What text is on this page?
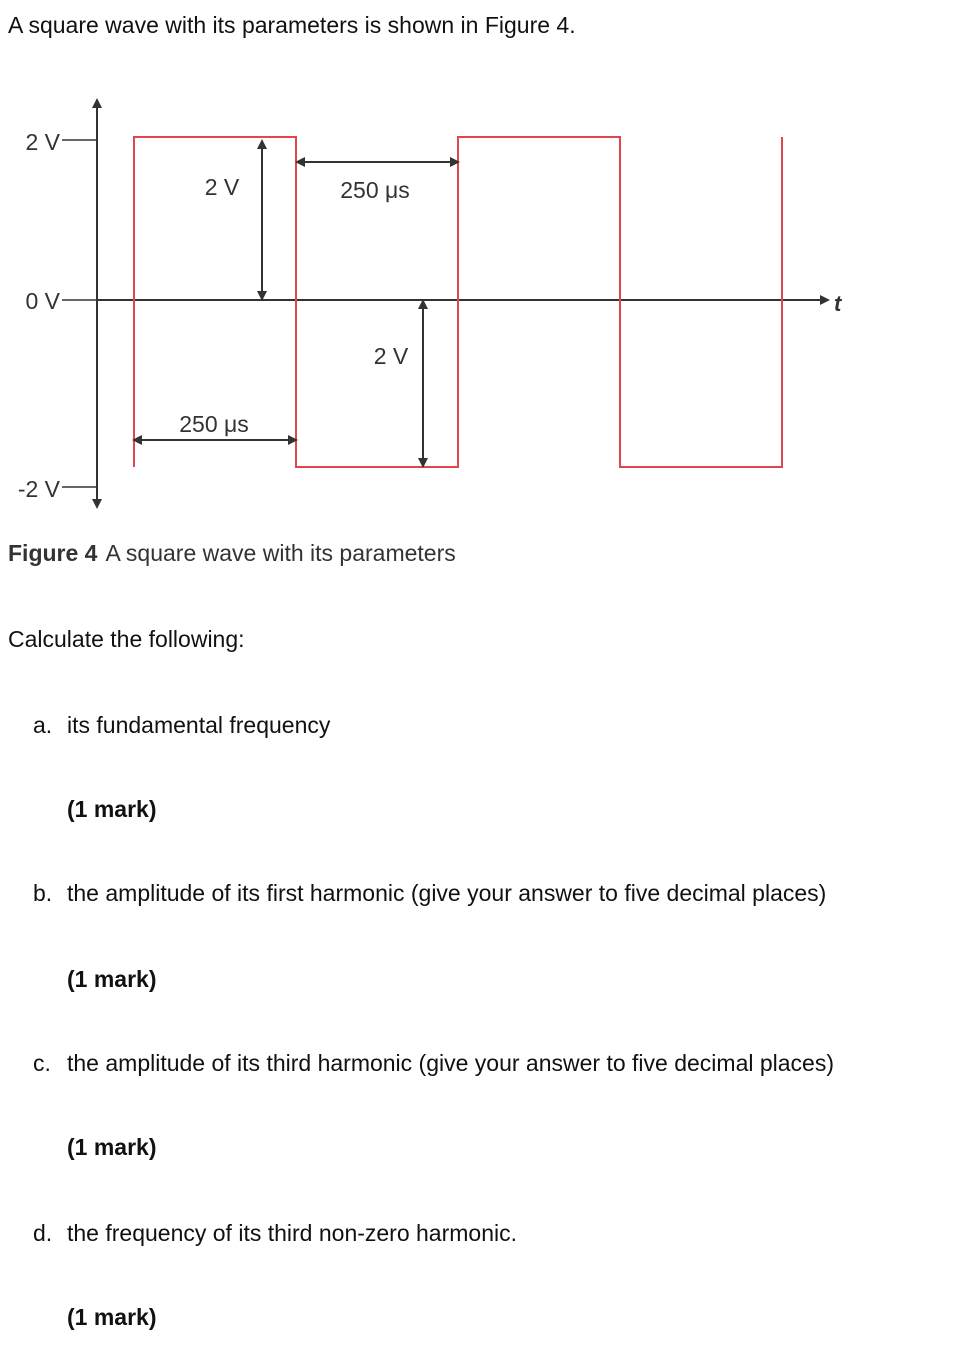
A square wave with its parameters is shown in Figure 4.

2 V
0 V
-2 V
t
2 V	250 μs
2 V
250 μs
Figure 4 A square wave with its parameters
Calculate the following:
a. its fundamental frequency
(1 mark)
b. the amplitude of its first harmonic (give your answer to five decimal places)
(1 mark)
c. the amplitude of its third harmonic (give your answer to five decimal places)
(1 mark)
d. the frequency of its third non-zero harmonic.
(1 mark)
